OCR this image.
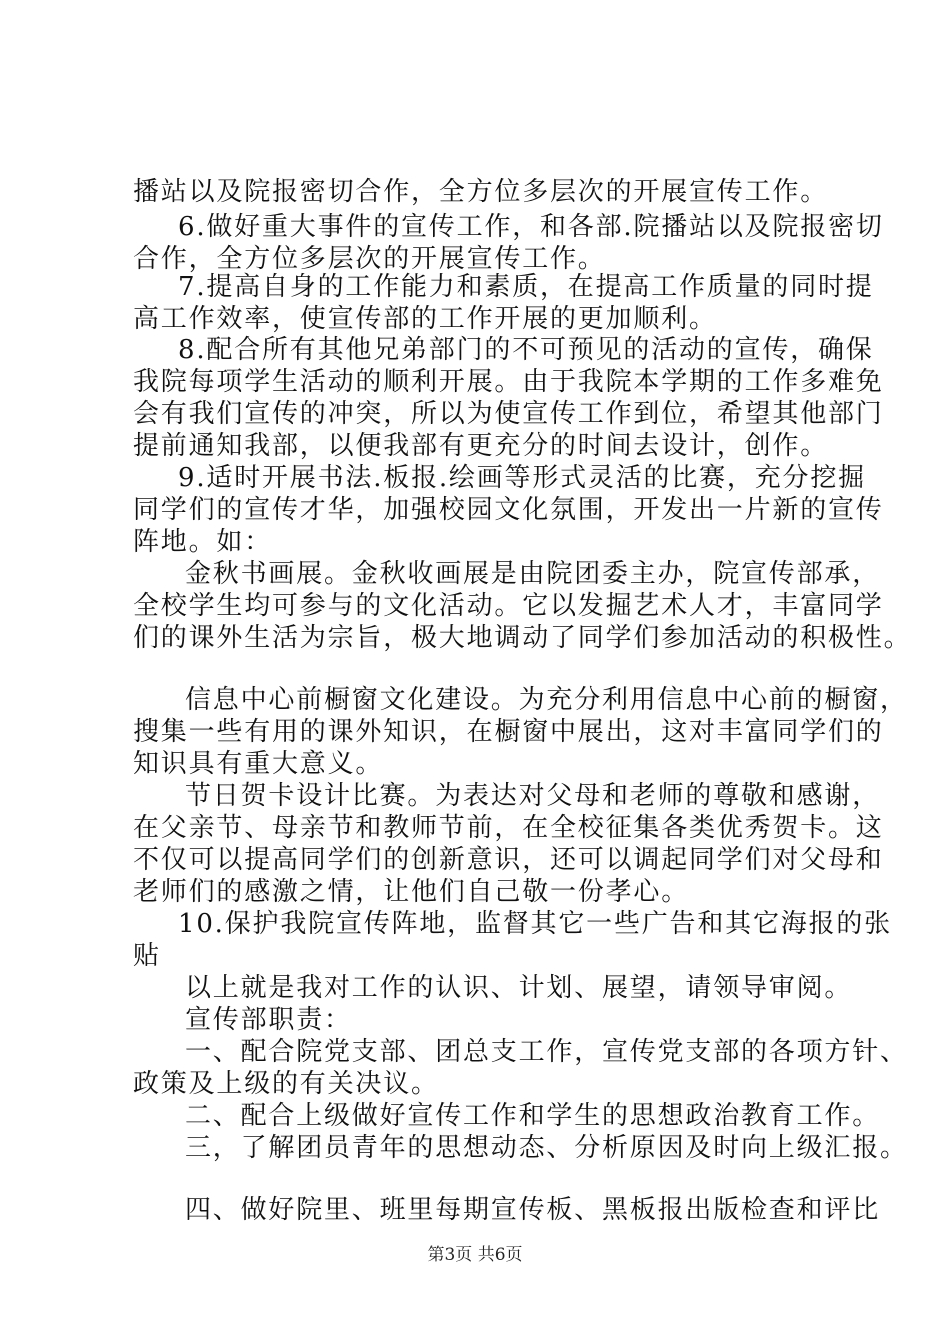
播站以及院报密切合作，全方位多层次的开展宣传工作。
6.做好重大事件的宣传工作，和各部.院播站以及院报密切
合作，全方位多层次的开展宣传工作。
7.提高自身的工作能力和素质，在提高工作质量的同时提
高工作效率，使宣传部的工作开展的更加顺利。
8.配合所有其他兄弟部门的不可预见的活动的宣传，确保
我院每项学生活动的顺利开展。由于我院本学期的工作多难免
会有我们宣传的冲突，所以为使宣传工作到位，希望其他部门
提前通知我部，以便我部有更充分的时间去设计，创作。
9.适时开展书法.板报.绘画等形式灵活的比赛，充分挖掘
同学们的宣传才华，加强校园文化氛围，开发出一片新的宣传
阵地。如：
金秋书画展。金秋收画展是由院团委主办，院宣传部承，
全校学生均可参与的文化活动。它以发掘艺术人才，丰富同学
们的课外生活为宗旨，极大地调动了同学们参加活动的积极性。
信息中心前橱窗文化建设。为充分利用信息中心前的橱窗，
搜集一些有用的课外知识，在橱窗中展出，这对丰富同学们的
知识具有重大意义。
节日贺卡设计比赛。为表达对父母和老师的尊敬和感谢，
在父亲节、母亲节和教师节前，在全校征集各类优秀贺卡。这
不仅可以提高同学们的创新意识，还可以调起同学们对父母和
老师们的感激之情，让他们自己敬一份孝心。
10.保护我院宣传阵地，监督其它一些广告和其它海报的张
贴
以上就是我对工作的认识、计划、展望，请领导审阅。
宣传部职责：
一、配合院党支部、团总支工作，宣传党支部的各项方针、
政策及上级的有关决议。
二、配合上级做好宣传工作和学生的思想政治教育工作。
三，了解团员青年的思想动态、分析原因及时向上级汇报。
四、做好院里、班里每期宣传板、黑板报出版检查和评比
第3页 共6页
